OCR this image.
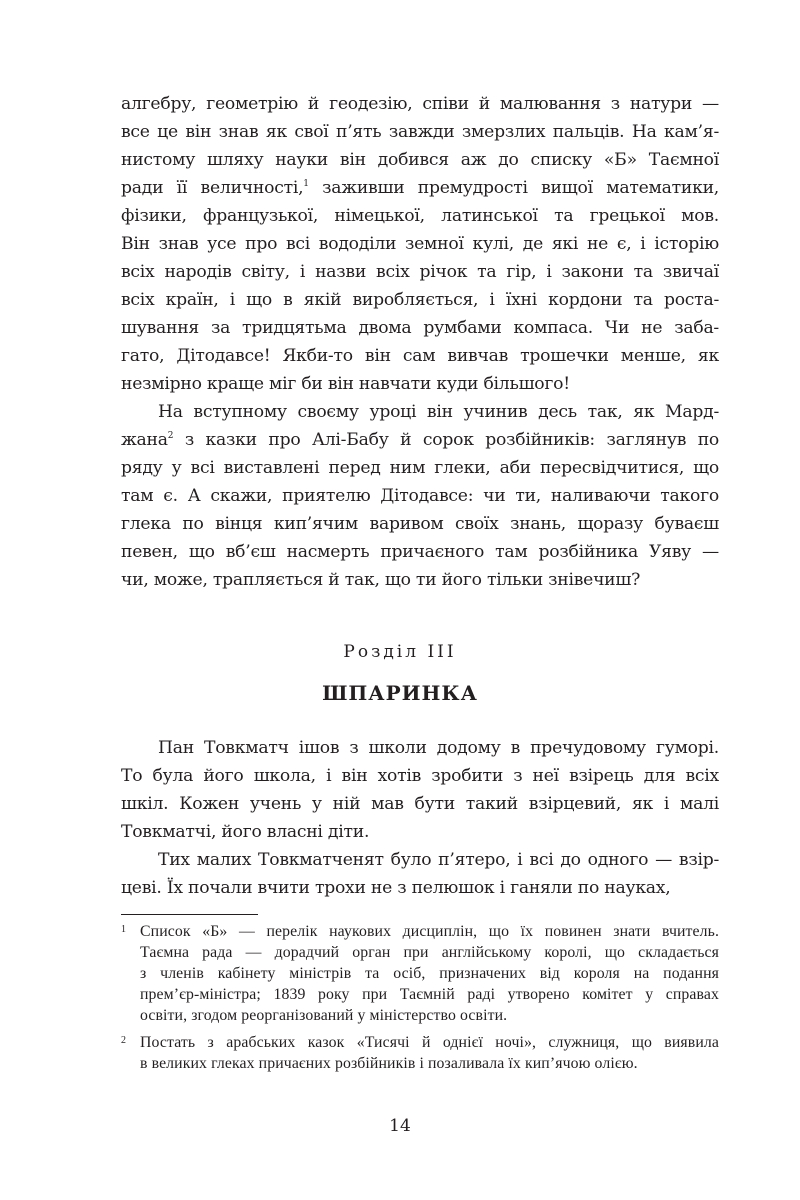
алгебру, геометрію й геодезію, співи й малювання з натури —
все це він знав як свої п’ять завжди змерзлих пальців. На кам’я-
нистому шляху науки він добився аж до списку «Б» Таємної
ради її величності,$^1$ заживши премудрості вищої математики,
фізики, французької, німецької, латинської та грецької мов.
Він знав усе про всі вододіли земної кулі, де які не є, і історію
всіх народів світу, і назви всіх річок та гір, і закони та звичаї
всіх країн, і що в якій виробляється, і їхні кордони та роста-
шування за тридцятьма двома румбами компаса. Чи не заба-
гато, Дітодавсе! Якби-то він сам вивчав трошечки менше, як
незмірно краще міг би він навчати куди більшого!
На вступному своєму уроці він учинив десь так, як Мард-
жана$^2$ з казки про Алі-Бабу й сорок розбійників: заглянув по
ряду у всі виставлені перед ним глеки, аби пересвідчитися, що
там є. А скажи, приятелю Дітодавсе: чи ти, наливаючи такого
глека по вінця кип’ячим варивом своїх знань, щоразу буваєш
певен, що вб’єш насмерть причаєного там розбійника Уяву —
чи, може, трапляється й так, що ти його тільки знівечиш?
Розділ III
ШПАРИНКА
Пан Товкматч ішов з школи додому в пречудовому гуморі.
То була його школа, і він хотів зробити з неї взірець для всіх
шкіл. Кожен учень у ній мав бути такий взірцевий, як і малі
Товкматчі, його власні діти.
Тих малих Товкматченят було п’ятеро, і всі до одного — взір-
цеві. Їх почали вчити трохи не з пелюшок і ганяли по науках,
1 Список «Б» — перелік наукових дисциплін, що їх повинен знати вчитель.
Таємна рада — дорадчий орган при англійському королі, що складається
з членів кабінету міністрів та осіб, призначених від короля на подання
прем’єр-міністра; 1839 року при Таємній раді утворено комітет у справах
освіти, згодом реорганізований у міністерство освіти.
2 Постать з арабських казок «Тисячі й однієї ночі», служниця, що виявила
в великих глеках причаєних розбійників і позаливала їх кип’ячою олією.
14
